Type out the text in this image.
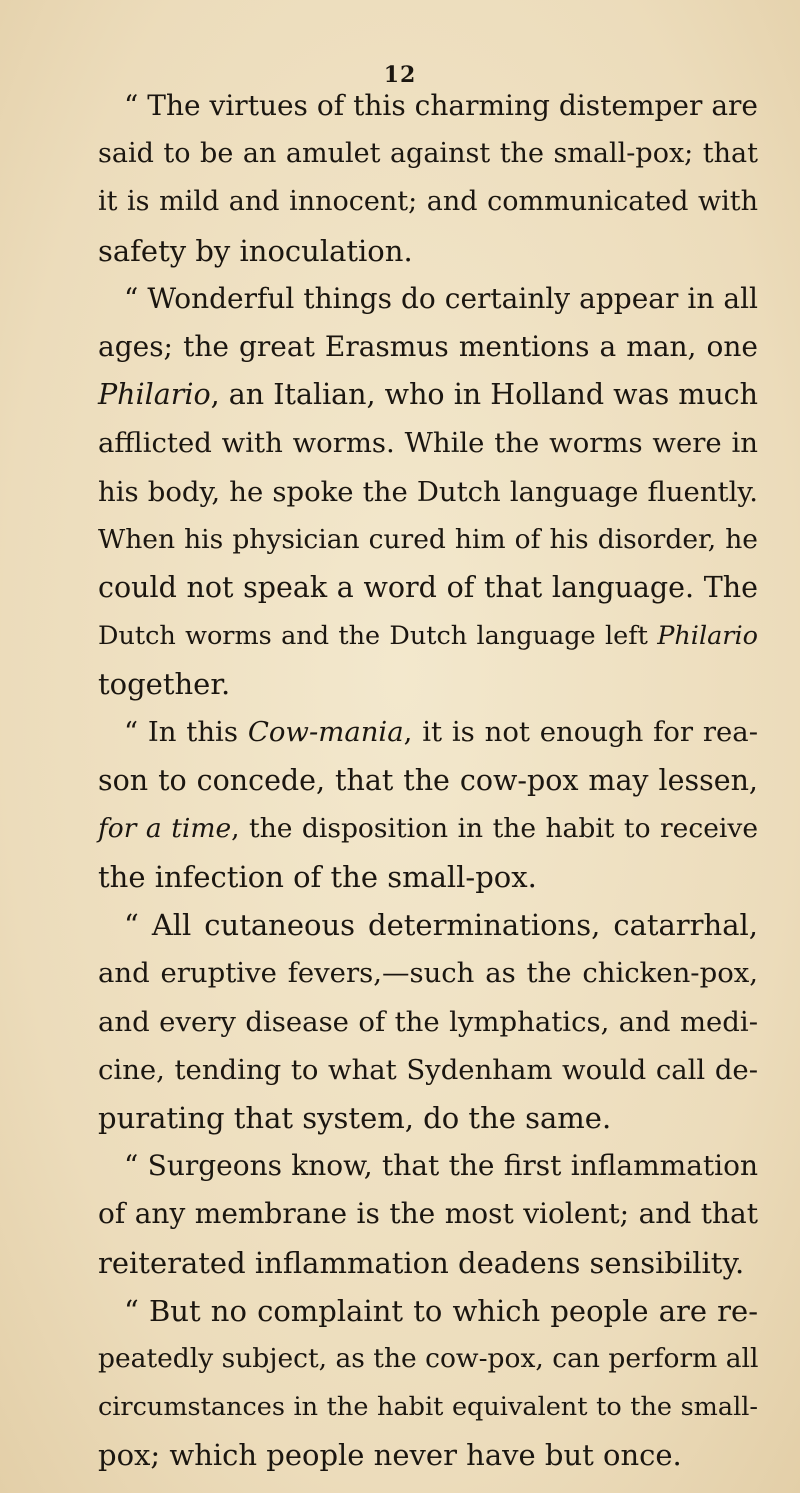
12
“ The virtues of this charming distemper are
said to be an amulet against the small-pox; that
it is mild and innocent; and communicated with
safety by inoculation.
“ Wonderful things do certainly appear in all
ages; the great Erasmus mentions a man, one
Philario, an Italian, who in Holland was much
afflicted with worms. While the worms were in
his body, he spoke the Dutch language fluently.
When his physician cured him of his disorder, he
could not speak a word of that language. The
Dutch worms and the Dutch language left Philario
together.
“ In this Cow-mania, it is not enough for rea-
son to concede, that the cow-pox may lessen,
for a time, the disposition in the habit to receive
the infection of the small-pox.
“ All cutaneous determinations, catarrhal,
and eruptive fevers,—such as the chicken-pox,
and every disease of the lymphatics, and medi-
cine, tending to what Sydenham would call de-
purating that system, do the same.
“ Surgeons know, that the first inflammation
of any membrane is the most violent; and that
reiterated inflammation deadens sensibility.
“ But no complaint to which people are re-
peatedly subject, as the cow-pox, can perform all
circumstances in the habit equivalent to the small-
pox; which people never have but once.
